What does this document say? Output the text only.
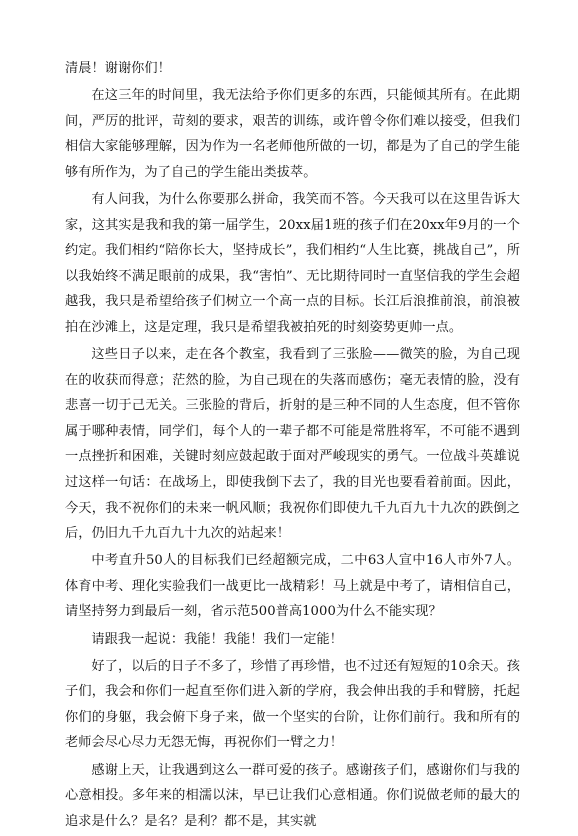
清晨！谢谢你们！

在这三年的时间里，我无法给予你们更多的东西，只能倾其所有。在此期间，严厉的批评，苛刻的要求，艰苦的训练，或许曾令你们难以接受，但我们相信大家能够理解，因为作为一名老师他所做的一切，都是为了自己的学生能够有所作为，为了自己的学生能出类拔萃。

有人问我，为什么你要那么拼命，我笑而不答。今天我可以在这里告诉大家，这其实是我和我的第一届学生，20xx届1班的孩子们在20xx年9月的一个约定。我们相约“陪你长大，坚持成长”，我们相约“人生比赛，挑战自己”，所以我始终不满足眼前的成果，我“害怕”、无比期待同时一直坚信我的学生会超越我，我只是希望给孩子们树立一个高一点的目标。长江后浪推前浪，前浪被拍在沙滩上，这是定理，我只是希望我被拍死的时刻姿势更帅一点。

这些日子以来，走在各个教室，我看到了三张脸——微笑的脸，为自己现在的收获而得意；茫然的脸，为自己现在的失落而感伤；毫无表情的脸，没有悲喜一切于己无关。三张脸的背后，折射的是三种不同的人生态度，但不管你属于哪种表情，同学们，每个人的一辈子都不可能是常胜将军，不可能不遇到一点挫折和困难，关键时刻应鼓起敢于面对严峻现实的勇气。一位战斗英雄说过这样一句话：在战场上，即使我倒下去了，我的目光也要看着前面。因此，今天，我不祝你们的未来一帆风顺；我祝你们即使九千九百九十九次的跌倒之后，仍旧九千九百九十九次的站起来！

中考直升50人的目标我们已经超额完成，二中63人宣中16人市外7人。体育中考、理化实验我们一战更比一战精彩！马上就是中考了，请相信自己，请坚持努力到最后一刻，省示范500普高1000为什么不能实现？

请跟我一起说：我能！我能！我们一定能！

好了，以后的日子不多了，珍惜了再珍惜，也不过还有短短的10余天。孩子们，我会和你们一起直至你们进入新的学府，我会伸出我的手和臂膀，托起你们的身躯，我会俯下身子来，做一个坚实的台阶，让你们前行。我和所有的老师会尽心尽力无怨无悔，再祝你们一臂之力！

感谢上天，让我遇到这么一群可爱的孩子。感谢孩子们，感谢你们与我的心意相投。多年来的相濡以沫，早已让我们心意相通。你们说做老师的最大的追求是什么？是名？是利？都不是，其实就
